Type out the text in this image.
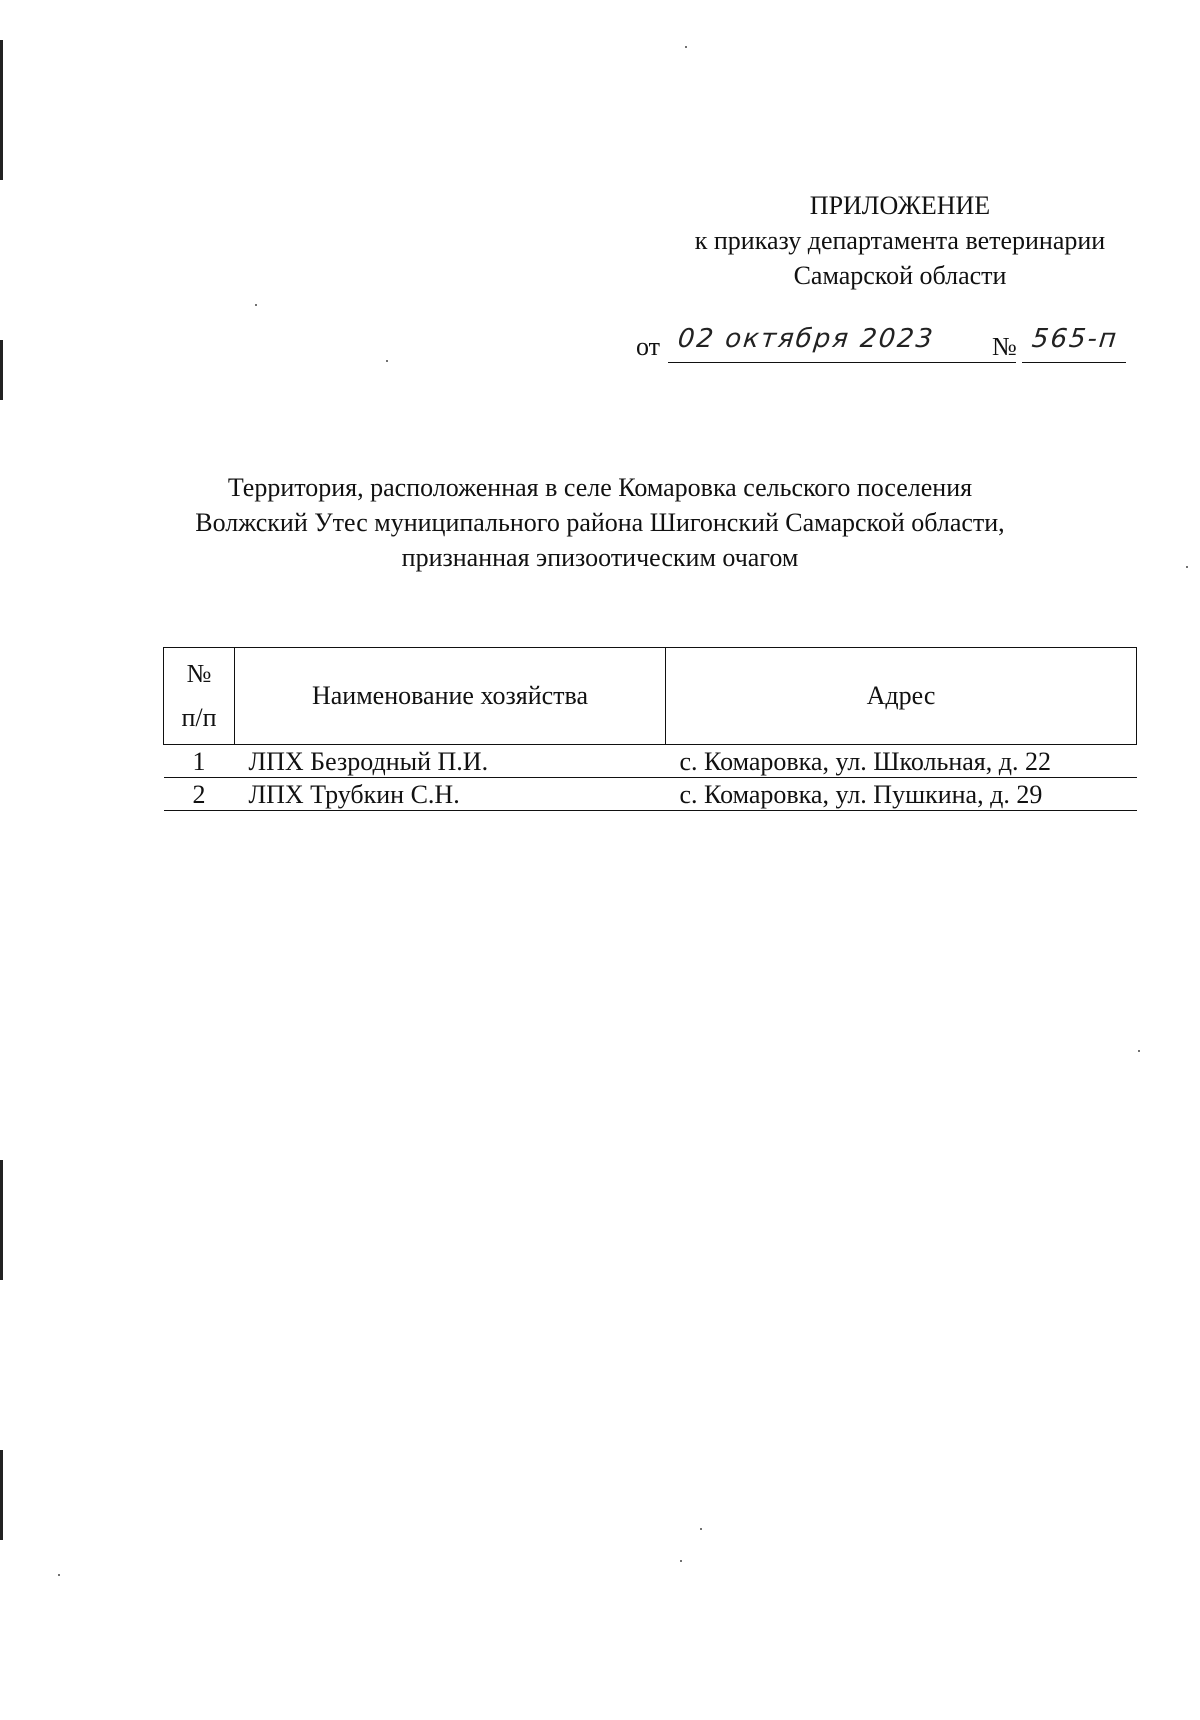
ПРИЛОЖЕНИЕ
к приказу департамента ветеринарии
Самарской области
от 02 октября 2023 № 565-п
Территория, расположенная в селе Комаровка сельского поселения
Волжский Утес муниципального района Шигонский Самарской области,
признанная эпизоотическим очагом
№
п/п	Наименование хозяйства	Адрес
1	ЛПХ Безродный П.И.	с. Комаровка, ул. Школьная, д. 22
2	ЛПХ Трубкин С.Н.	с. Комаровка, ул. Пушкина, д. 29
